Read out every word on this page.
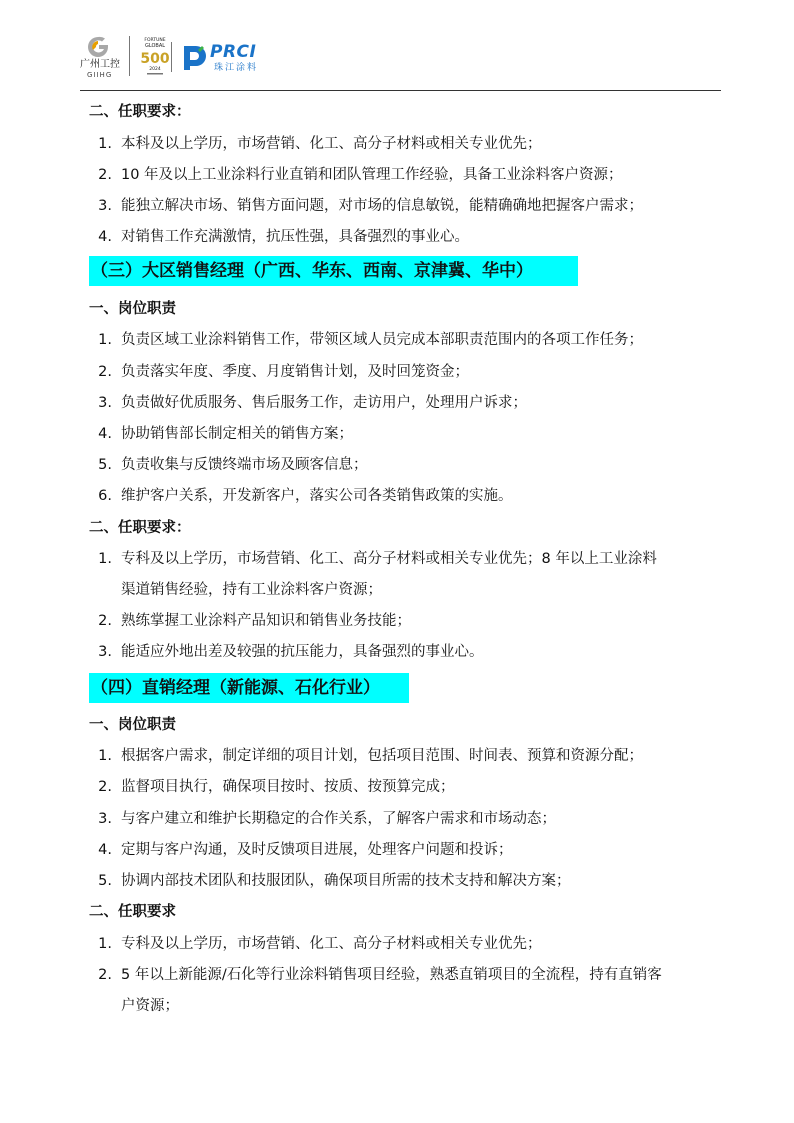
广州工控
GIIHG
FORTUNE
GLOBAL
500
2024
PRCI
珠江涂料
二、任职要求：
1. 本科及以上学历，市场营销、化工、高分子材料或相关专业优先；
2. 10 年及以上工业涂料行业直销和团队管理工作经验，具备工业涂料客户资源；
3. 能独立解决市场、销售方面问题，对市场的信息敏锐，能精确确地把握客户需求；
4. 对销售工作充满激情，抗压性强，具备强烈的事业心。
（三）大区销售经理（广西、华东、西南、京津冀、华中）
一、岗位职责
1. 负责区域工业涂料销售工作，带领区域人员完成本部职责范围内的各项工作任务；
2. 负责落实年度、季度、月度销售计划，及时回笼资金；
3. 负责做好优质服务、售后服务工作，走访用户，处理用户诉求；
4. 协助销售部长制定相关的销售方案；
5. 负责收集与反馈终端市场及顾客信息；
6. 维护客户关系，开发新客户，落实公司各类销售政策的实施。
二、任职要求：
1. 专科及以上学历，市场营销、化工、高分子材料或相关专业优先；8 年以上工业涂料
渠道销售经验，持有工业涂料客户资源；
2. 熟练掌握工业涂料产品知识和销售业务技能；
3. 能适应外地出差及较强的抗压能力，具备强烈的事业心。
（四）直销经理（新能源、石化行业）
一、岗位职责
1. 根据客户需求，制定详细的项目计划，包括项目范围、时间表、预算和资源分配；
2. 监督项目执行，确保项目按时、按质、按预算完成；
3. 与客户建立和维护长期稳定的合作关系，了解客户需求和市场动态；
4. 定期与客户沟通，及时反馈项目进展，处理客户问题和投诉；
5. 协调内部技术团队和技服团队，确保项目所需的技术支持和解决方案；
二、任职要求
1. 专科及以上学历，市场营销、化工、高分子材料或相关专业优先；
2. 5 年以上新能源/石化等行业涂料销售项目经验，熟悉直销项目的全流程，持有直销客
户资源；
